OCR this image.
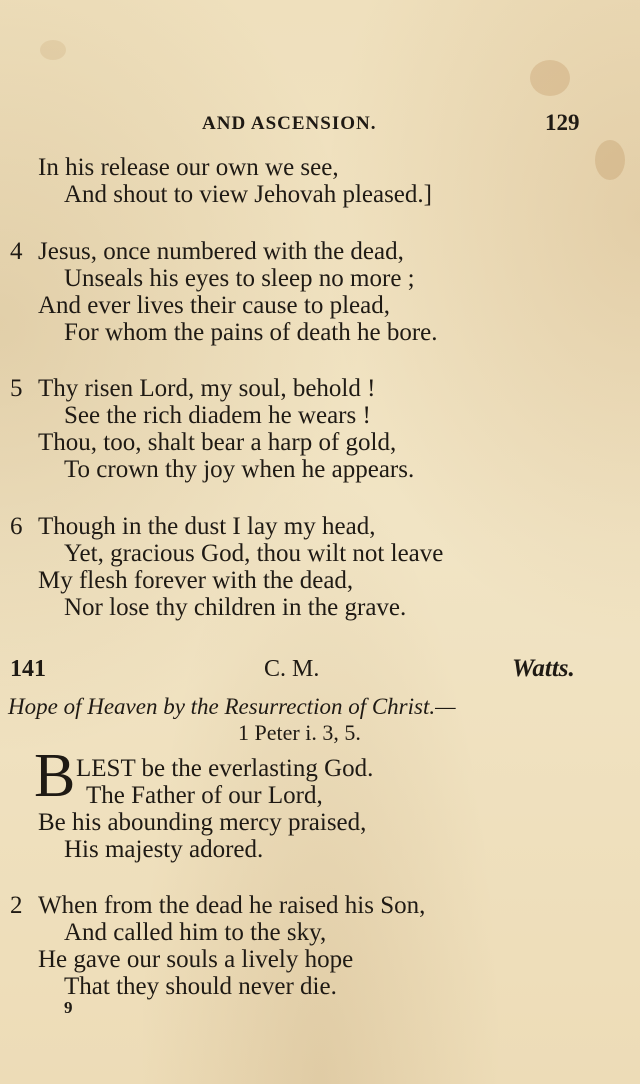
AND ASCENSION.	129
In his release our own we see,
And shout to view Jehovah pleased.]
4 Jesus, once numbered with the dead,
Unseals his eyes to sleep no more ;
And ever lives their cause to plead,
For whom the pains of death he bore.
5 Thy risen Lord, my soul, behold !
See the rich diadem he wears !
Thou, too, shalt bear a harp of gold,
To crown thy joy when he appears.
6 Though in the dust I lay my head,
Yet, gracious God, thou wilt not leave
My flesh forever with the dead,
Nor lose thy children in the grave.
141	C. M.	Watts.
Hope of Heaven by the Resurrection of Christ.—
1 Peter i. 3, 5.
B LEST be the everlasting God.
The Father of our Lord,
Be his abounding mercy praised,
His majesty adored.
2 When from the dead he raised his Son,
And called him to the sky,
He gave our souls a lively hope
That they should never die.
9
